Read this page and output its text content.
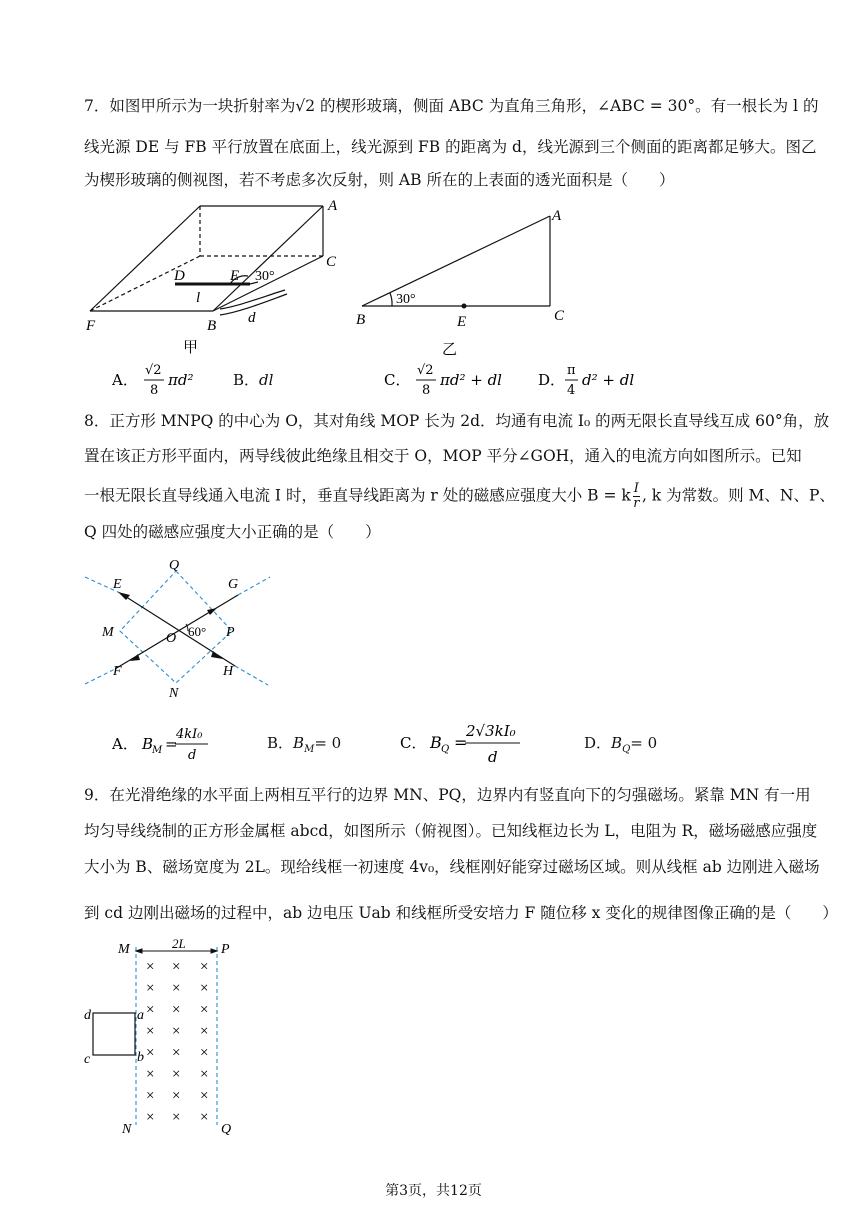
7．如图甲所示为一块折射率为√2 的楔形玻璃，侧面 ABC 为直角三角形，∠ABC = 30°。有一根长为 l 的
线光源 DE 与 FB 平行放置在底面上，线光源到 FB 的距离为 d，线光源到三个侧面的距离都足够大。图乙
为楔形玻璃的侧视图，若不考虑多次反射，则 AB 所在的上表面的透光面积是（　　）
A
C
B
F
D	E
l
d
30°
甲
A
B	C
E
30°
乙
A．
√2
8
πd²	B．dl	C．
√2
8
πd² + dl D．
π
4
d² + dl
8．正方形 MNPQ 的中心为 O，其对角线 MOP 长为 2d．均通有电流 I₀ 的两无限长直导线互成 60°角，放
置在该正方形平面内，两导线彼此绝缘且相交于 O，MOP 平分∠GOH，通入的电流方向如图所示。已知
一根无限长直导线通入电流 I 时，垂直导线距离为 r 处的磁感应强度大小 B = k $\frac{I}{r}$ , k 为常数。则 M、N、P、
Q 四处的磁感应强度大小正确的是（　　）
Q
E	G
M	O 60° P
F	H
N
A． B
M =
4kI₀
d
B．$B_M= 0$	C． B Q =
2√3kI₀
d
D．$B_Q= 0$
9．在光滑绝缘的水平面上两相互平行的边界 MN、PQ，边界内有竖直向下的匀强磁场。紧靠 MN 有一用
均匀导线绕制的正方形金属框 abcd，如图所示（俯视图）。已知线框边长为 L，电阻为 R，磁场磁感应强度
大小为 B、磁场宽度为 2L。现给线框一初速度 4v₀，线框刚好能穿过磁场区域。则从线框 ab 边刚进入磁场
到 cd 边刚出磁场的过程中，ab 边电压 Uab 和线框所受安培力 F 随位移 x 变化的规律图像正确的是（　　）
2L
M	P
N	Q
d
c
a
b
× × ×
× × ×
× × ×
× × ×
× × ×
× × ×
× × ×
× × ×
第3页，共12页
